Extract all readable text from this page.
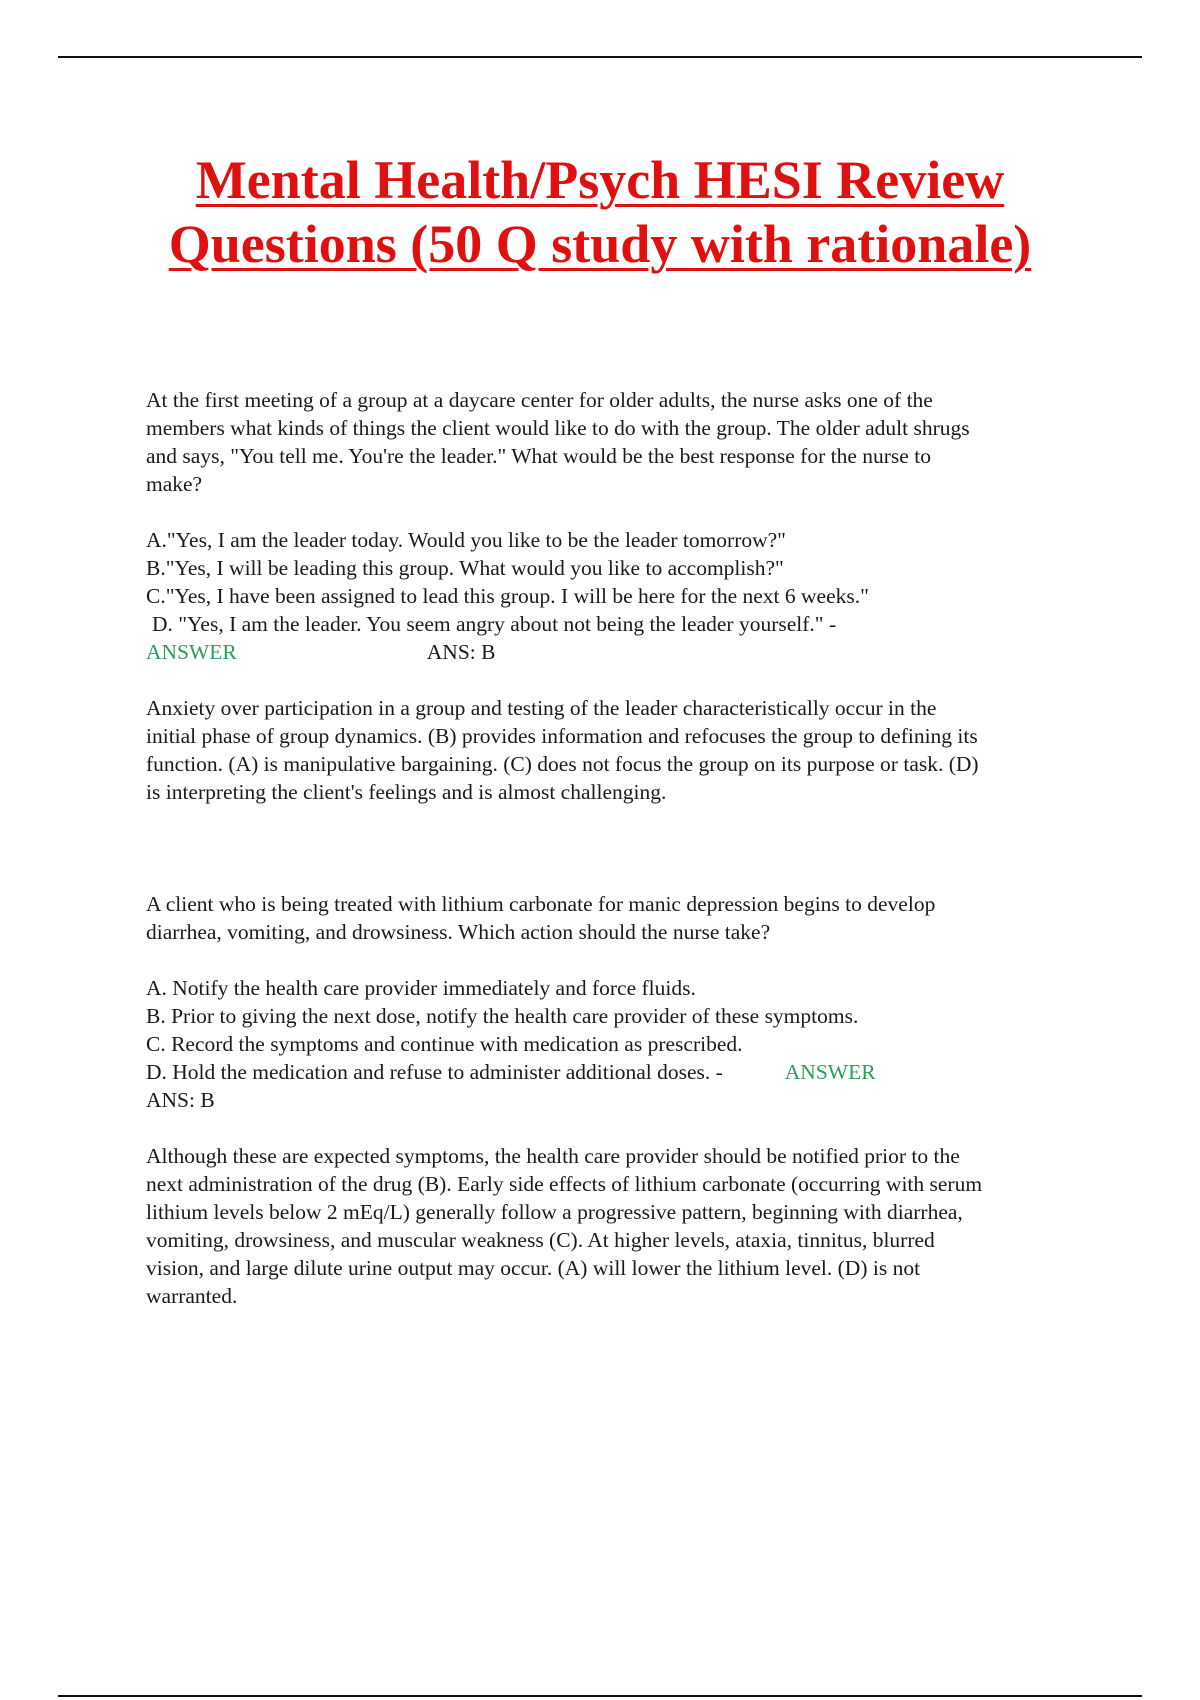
Mental Health/Psych HESI Review
Questions (50 Q study with rationale)

At the first meeting of a group at a daycare center for older adults, the nurse asks one of the
members what kinds of things the client would like to do with the group. The older adult shrugs
and says, "You tell me. You're the leader." What would be the best response for the nurse to
make?

A."Yes, I am the leader today. Would you like to be the leader tomorrow?"
B."Yes, I will be leading this group. What would you like to accomplish?"
C."Yes, I have been assigned to lead this group. I will be here for the next 6 weeks."
D. "Yes, I am the leader. You seem angry about not being the leader yourself." -
ANSWER	ANS: B

Anxiety over participation in a group and testing of the leader characteristically occur in the
initial phase of group dynamics. (B) provides information and refocuses the group to defining its
function. (A) is manipulative bargaining. (C) does not focus the group on its purpose or task. (D)
is interpreting the client's feelings and is almost challenging.

A client who is being treated with lithium carbonate for manic depression begins to develop
diarrhea, vomiting, and drowsiness. Which action should the nurse take?

A. Notify the health care provider immediately and force fluids.
B. Prior to giving the next dose, notify the health care provider of these symptoms.
C. Record the symptoms and continue with medication as prescribed.
D. Hold the medication and refuse to administer additional doses. -	ANSWER
ANS: B

Although these are expected symptoms, the health care provider should be notified prior to the
next administration of the drug (B). Early side effects of lithium carbonate (occurring with serum
lithium levels below 2 mEq/L) generally follow a progressive pattern, beginning with diarrhea,
vomiting, drowsiness, and muscular weakness (C). At higher levels, ataxia, tinnitus, blurred
vision, and large dilute urine output may occur. (A) will lower the lithium level. (D) is not
warranted.
